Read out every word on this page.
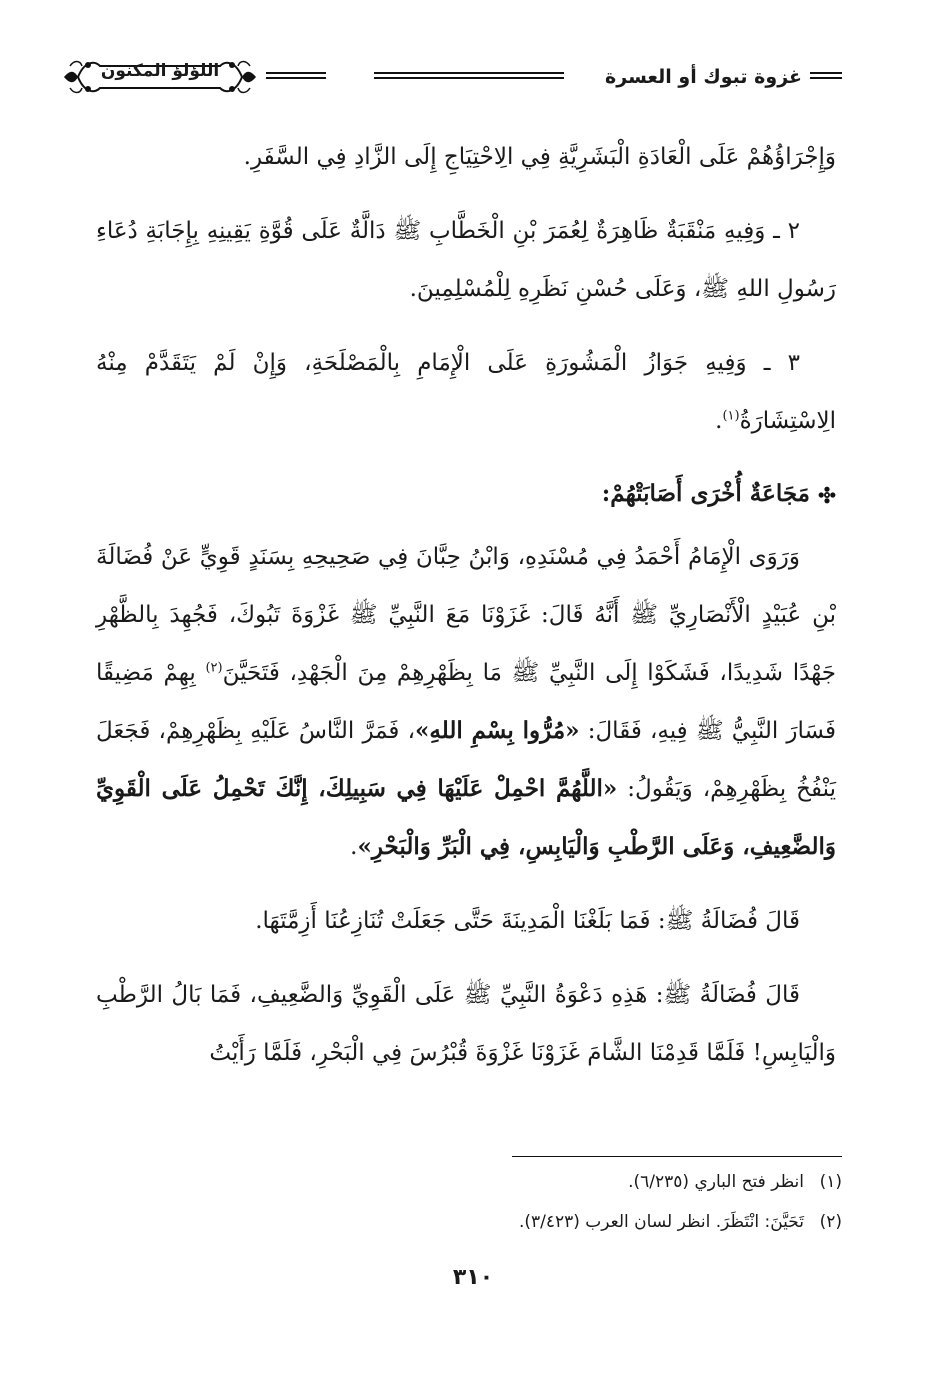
غزوة تبوك أو العسرة
اللؤلؤ المكنون

وَإِجْرَاؤُهُمْ عَلَى الْعَادَةِ الْبَشَرِيَّةِ فِي الِاحْتِيَاجِ إِلَى الزَّادِ فِي السَّفَرِ.

٢ ـ وَفِيهِ مَنْقَبَةٌ ظَاهِرَةٌ لِعُمَرَ بْنِ الْخَطَّابِ ﷺ دَالَّةٌ عَلَى قُوَّةِ يَقِينِهِ بِإِجَابَةِ دُعَاءِ رَسُولِ اللهِ ﷺ، وَعَلَى حُسْنِ نَظَرِهِ لِلْمُسْلِمِينَ.

٣ ـ وَفِيهِ جَوَازُ الْمَشُورَةِ عَلَى الْإِمَامِ بِالْمَصْلَحَةِ، وَإِنْ لَمْ يَتَقَدَّمْ مِنْهُ الِاسْتِشَارَةُ$^{(١)}$.

مَجَاعَةٌ أُخْرَى أَصَابَتْهُمْ:

وَرَوَى الْإِمَامُ أَحْمَدُ فِي مُسْنَدِهِ، وَابْنُ حِبَّانَ فِي صَحِيحِهِ بِسَنَدٍ قَوِيٍّ عَنْ فُضَالَةَ بْنِ عُبَيْدٍ الْأَنْصَارِيِّ ﷺ أَنَّهُ قَالَ: غَزَوْنَا مَعَ النَّبِيِّ ﷺ غَزْوَةَ تَبُوكَ، فَجُهِدَ بِالظَّهْرِ جَهْدًا شَدِيدًا، فَشَكَوْا إِلَى النَّبِيِّ ﷺ مَا بِظَهْرِهِمْ مِنَ الْجَهْدِ، فَتَحَيَّنَ$^{(٢)}$ بِهِمْ مَضِيقًا فَسَارَ النَّبِيُّ ﷺ فِيهِ، فَقَالَ: «مُرُّوا بِسْمِ اللهِ»، فَمَرَّ النَّاسُ عَلَيْهِ بِظَهْرِهِمْ، فَجَعَلَ يَنْفُخُ بِظَهْرِهِمْ، وَيَقُولُ: «اللَّهُمَّ احْمِلْ عَلَيْهَا فِي سَبِيلِكَ، إِنَّكَ تَحْمِلُ عَلَى الْقَوِيِّ وَالضَّعِيفِ، وَعَلَى الرَّطْبِ وَالْيَابِسِ، فِي الْبَرِّ وَالْبَحْرِ».

قَالَ فُضَالَةُ ﷺ: فَمَا بَلَغْنَا الْمَدِينَةَ حَتَّى جَعَلَتْ تُنَازِعُنَا أَزِمَّتَهَا.

قَالَ فُضَالَةُ ﷺ: هَذِهِ دَعْوَةُ النَّبِيِّ ﷺ عَلَى الْقَوِيِّ وَالضَّعِيفِ، فَمَا بَالُ الرَّطْبِ وَالْيَابِسِ! فَلَمَّا قَدِمْنَا الشَّامَ غَزَوْنَا غَزْوَةَ قُبْرُسَ فِي الْبَحْرِ، فَلَمَّا رَأَيْتُ

(١)انظر فتح الباري (٦/٢٣٥).

(٢)تَحَيَّنَ: انْتَظَرَ. انظر لسان العرب (٣/٤٢٣).

٣١٠
